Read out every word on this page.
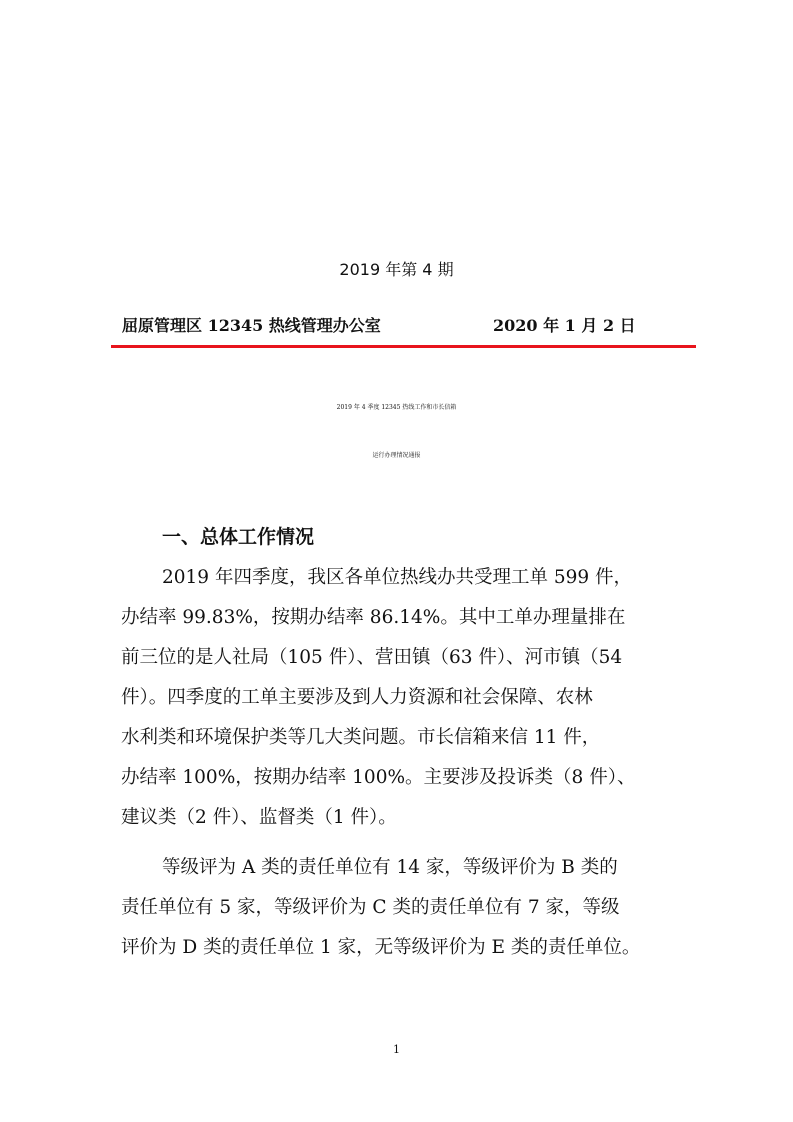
2019 年第 4 期
屈原管理区 12345 热线管理办公室	2020 年 1 月 2 日
2019 年 4 季度 12345 热线工作和市长信箱
运行办理情况通报
一、总体工作情况
2019 年四季度，我区各单位热线办共受理工单 599 件，
办结率 99.83%，按期办结率 86.14%。其中工单办理量排在
前三位的是人社局（105 件）、营田镇（63 件）、河市镇（54
件）。四季度的工单主要涉及到人力资源和社会保障、农林
水利类和环境保护类等几大类问题。市长信箱来信 11 件，
办结率 100%，按期办结率 100%。主要涉及投诉类（8 件）、
建议类（2 件）、监督类（1 件）。
等级评为 A 类的责任单位有 14 家，等级评价为 B 类的
责任单位有 5 家，等级评价为 C 类的责任单位有 7 家，等级
评价为 D 类的责任单位 1 家，无等级评价为 E 类的责任单位。
1
